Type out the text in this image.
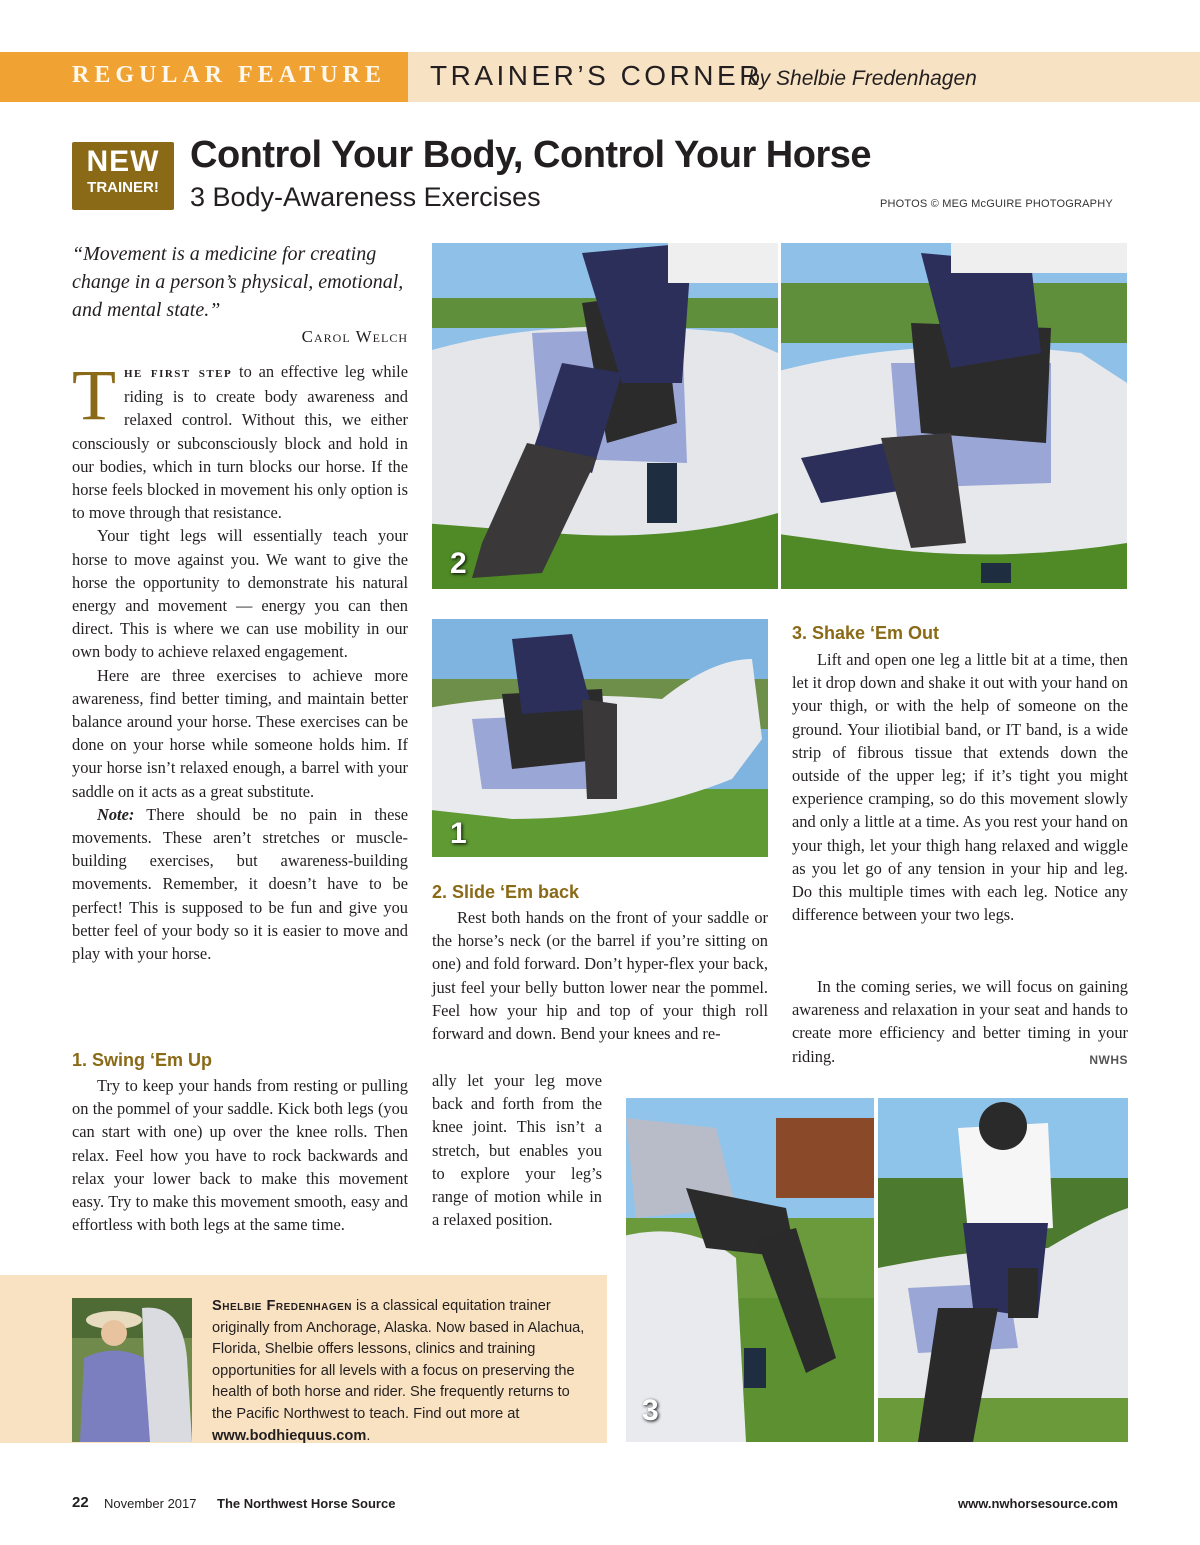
REGULAR FEATURE	TRAINER’S CORNER
by Shelbie Fredenhagen
NEW
TRAINER!
Control Your Body, Control Your Horse
3 Body-Awareness Exercises	PHOTOS © MEG McGUIRE PHOTOGRAPHY
“Movement is a medicine for creating change in a person’s physical, emotional, and mental state.”
Carol Welch

The first step to an effective leg while riding is to create body awareness and relaxed control. Without this, we either consciously or subconsciously block and hold in our bodies, which in turn blocks our horse. If the horse feels blocked in movement his only option is to move through that resistance.

Your tight legs will essentially teach your horse to move against you. We want to give the horse the opportunity to demonstrate his natural energy and movement — energy you can then direct. This is where we can use mobility in our own body to achieve relaxed engagement.

Here are three exercises to achieve more awareness, find better timing, and maintain better balance around your horse. These exercises can be done on your horse while someone holds him. If your horse isn’t relaxed enough, a barrel with your saddle on it acts as a great substitute.

Note: There should be no pain in these movements. These aren’t stretches or muscle-building exercises, but awareness-building movements. Remember, it doesn’t have to be perfect! This is supposed to be fun and give you better feel of your body so it is easier to move and play with your horse.

1. Swing ‘Em Up

Try to keep your hands from resting or pulling on the pommel of your saddle. Kick both legs (you can start with one) up over the knee rolls. Then relax. Feel how you have to rock backwards and relax your lower back to make this movement easy. Try to make this movement smooth, easy and effortless with both legs at the same time.

2. Slide ‘Em back

Rest both hands on the front of your saddle or the horse’s neck (or the barrel if you’re sitting on one) and fold forward. Don’t hyper-flex your back, just feel your belly button lower near the pommel. Feel how your hip and top of your thigh roll forward and down. Bend your knees and re-

ally let your leg move back and forth from the knee joint. This isn’t a stretch, but enables you to explore your leg’s range of motion while in a relaxed position.

3. Shake ‘Em Out

Lift and open one leg a little bit at a time, then let it drop down and shake it out with your hand on your thigh, or with the help of someone on the ground. Your iliotibial band, or IT band, is a wide strip of fibrous tissue that extends down the outside of the upper leg; if it’s tight you might experience cramping, so do this movement slowly and only a little at a time. As you rest your hand on your thigh, let your thigh hang relaxed and wiggle as you let go of any tension in your hip and leg. Do this multiple times with each leg. Notice any difference between your two legs.

In the coming series, we will focus on gaining awareness and relaxation in your seat and hands to create more efficiency and better timing in your riding.	NWHS

2
1
3
Shelbie Fredenhagen is a classical equitation trainer originally from Anchorage, Alaska. Now based in Alachua, Florida, Shelbie offers lessons, clinics and training opportunities for all levels with a focus on preserving the health of both horse and rider. She frequently returns to the Pacific Northwest to teach. Find out more at www.bodhiequus.com.
22 November 2017 The Northwest Horse Source	www.nwhorsesource.com
